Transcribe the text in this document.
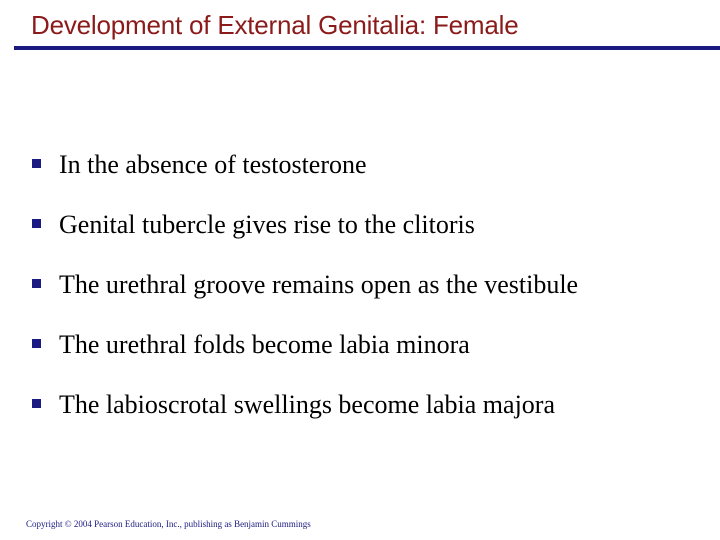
Development of External Genitalia: Female
In the absence of testosterone
Genital tubercle gives rise to the clitoris
The urethral groove remains open as the vestibule
The urethral folds become labia minora
The labioscrotal swellings become labia majora
Copyright © 2004 Pearson Education, Inc., publishing as Benjamin Cummings
